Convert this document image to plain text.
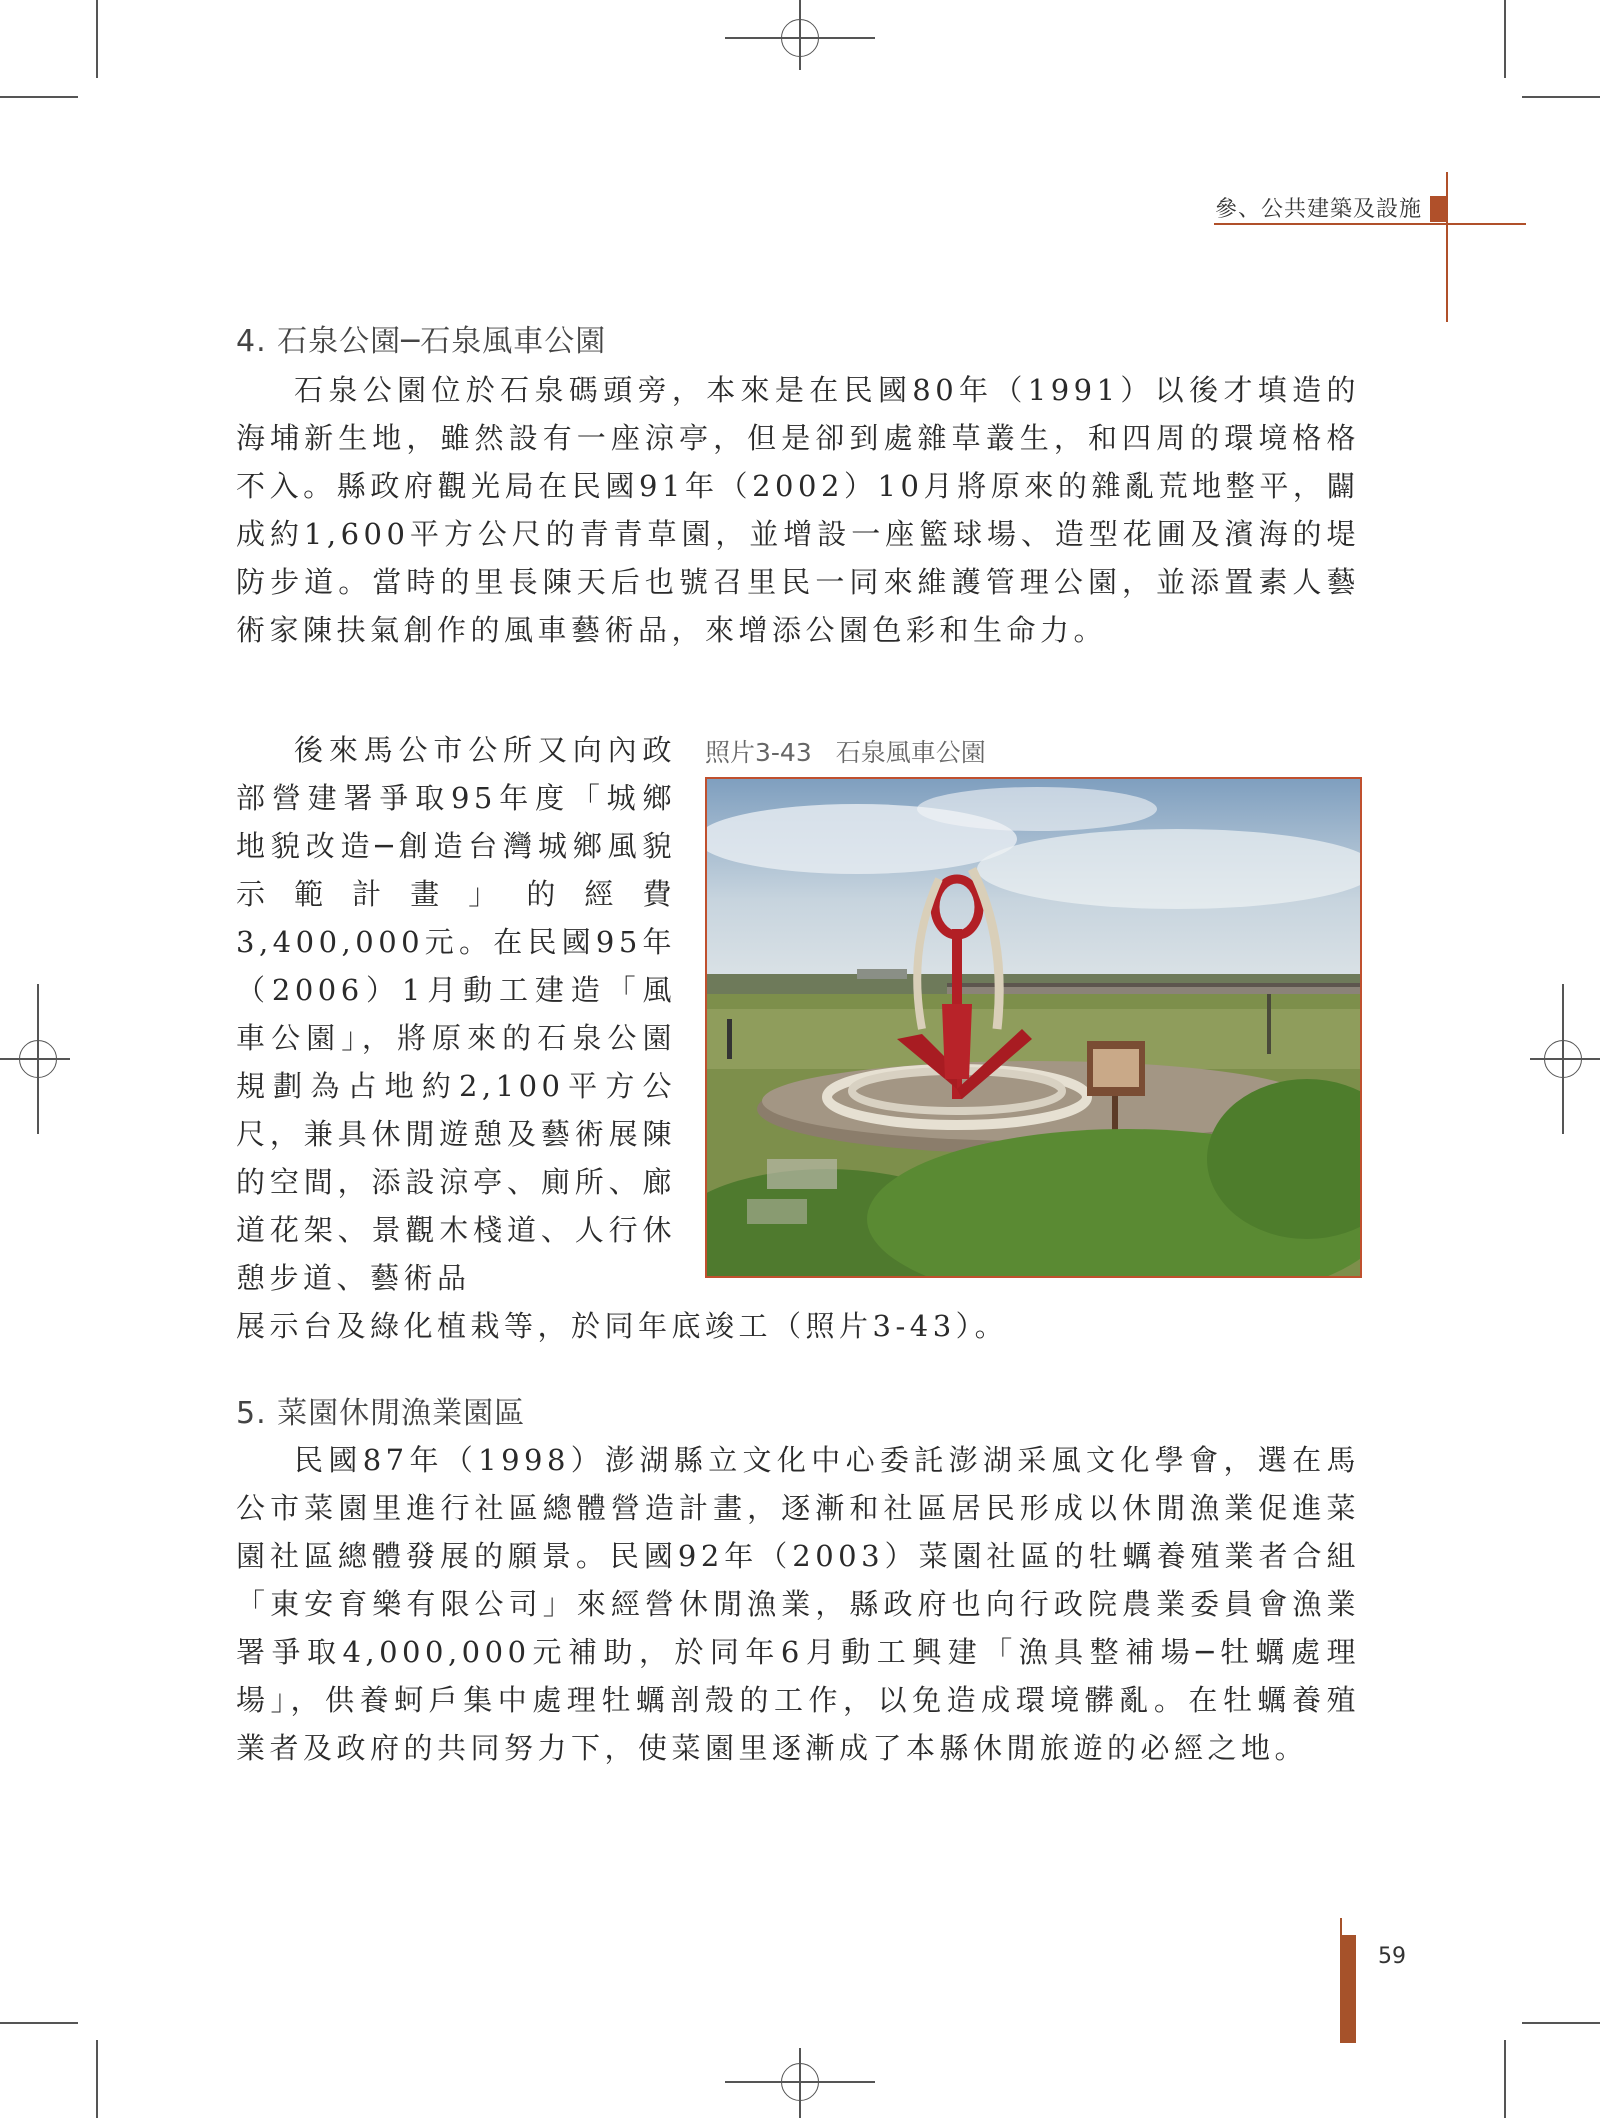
參、公共建築及設施
4. 石泉公園─石泉風車公園

石泉公園位於石泉碼頭旁，本來是在民國80年（1991）以後才填造的海埔新生地，雖然設有一座涼亭，但是卻到處雜草叢生，和四周的環境格格不入。縣政府觀光局在民國91年（2002）10月將原來的雜亂荒地整平，闢成約1,600平方公尺的青青草園，並增設一座籃球場、造型花圃及濱海的堤防步道。當時的里長陳天后也號召里民一同來維護管理公園，並添置素人藝術家陳扶氣創作的風車藝術品，來增添公園色彩和生命力。

後來馬公市公所又向內政部營建署爭取95年度「城鄉地貌改造─創造台灣城鄉風貌示範計畫」的經費3,400,000元。在民國95年（2006）1月動工建造「風車公園」，將原來的石泉公園規劃為占地約2,100平方公尺，兼具休閒遊憩及藝術展陳的空間，添設涼亭、廁所、廊道花架、景觀木棧道、人行休憩步道、藝術品

展示台及綠化植栽等，於同年底竣工（照片3-43）。

照片3-43 石泉風車公園
5. 菜園休閒漁業園區

民國87年（1998）澎湖縣立文化中心委託澎湖采風文化學會，選在馬公市菜園里進行社區總體營造計畫，逐漸和社區居民形成以休閒漁業促進菜園社區總體發展的願景。民國92年（2003）菜園社區的牡蠣養殖業者合組「東安育樂有限公司」來經營休閒漁業，縣政府也向行政院農業委員會漁業署爭取4,000,000元補助，於同年6月動工興建「漁具整補場─牡蠣處理場」，供養蚵戶集中處理牡蠣剖殼的工作，以免造成環境髒亂。在牡蠣養殖業者及政府的共同努力下，使菜園里逐漸成了本縣休閒旅遊的必經之地。

59
